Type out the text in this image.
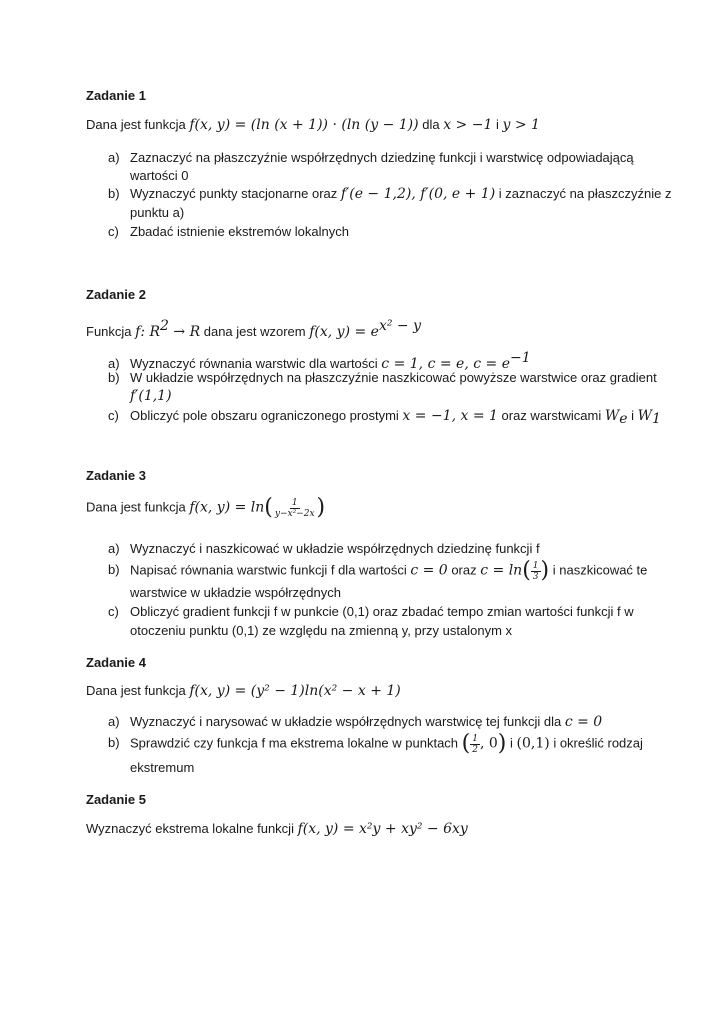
Zadanie 1
Dana jest funkcja f(x, y) = (ln (x + 1)) · (ln (y − 1)) dla x > −1 i y > 1
a) Zaznaczyć na płaszczyźnie współrzędnych dziedzinę funkcji i warstwicę odpowiadającą
wartości 0
b) Wyznaczyć punkty stacjonarne oraz f′(e − 1,2), f′(0, e + 1) i zaznaczyć na płaszczyźnie z
punktu a)
c) Zbadać istnienie ekstremów lokalnych
Zadanie 2
Funkcja f: $R^2 \to R$ dana jest wzorem f(x, $y) = e^{x^2 - y}$
a) Wyznaczyć równania warstwic dla wartości c = 1, c = e, $c = e^{-1}$
b) W układzie współrzędnych na płaszczyźnie naszkicować powyższe warstwice oraz gradient
f′(1,1)
c) Obliczyć pole obszaru ograniczonego prostymi x = −1, x = 1 oraz warstwicami $W_e$ i $W_1$
Zadanie 3
Dana jest funkcja f(x, $y) = \ln( \frac{1}{\text{y−x²−2x}}$ )
a) Wyznaczyć i naszkicować w układzie współrzędnych dziedzinę funkcji f
b) Napisać równania warstwic funkcji f dla wartości c = 0 oraz $c = \ln( \frac{1}{3}$ ) i naszkicować te
warstwice w układzie współrzędnych
c) Obliczyć gradient funkcji f w punkcie (0,1) oraz zbadać tempo zmian wartości funkcji f w
otoczeniu punktu (0,1) ze względu na zmienną y, przy ustalonym x
Zadanie 4
Dana jest funkcja f(x, y) = (y² − 1)ln(x² − x + 1)
a) Wyznaczyć i narysować w układzie współrzędnych warstwicę tej funkcji dla c = 0
b) Sprawdzić czy funkcja f ma ekstrema lokalne w punktach ( $\frac{1}{2}$ , 0) i (0,1) i określić rodzaj
ekstremum
Zadanie 5
Wyznaczyć ekstrema lokalne funkcji f(x, y) = x²y + xy² − 6xy
